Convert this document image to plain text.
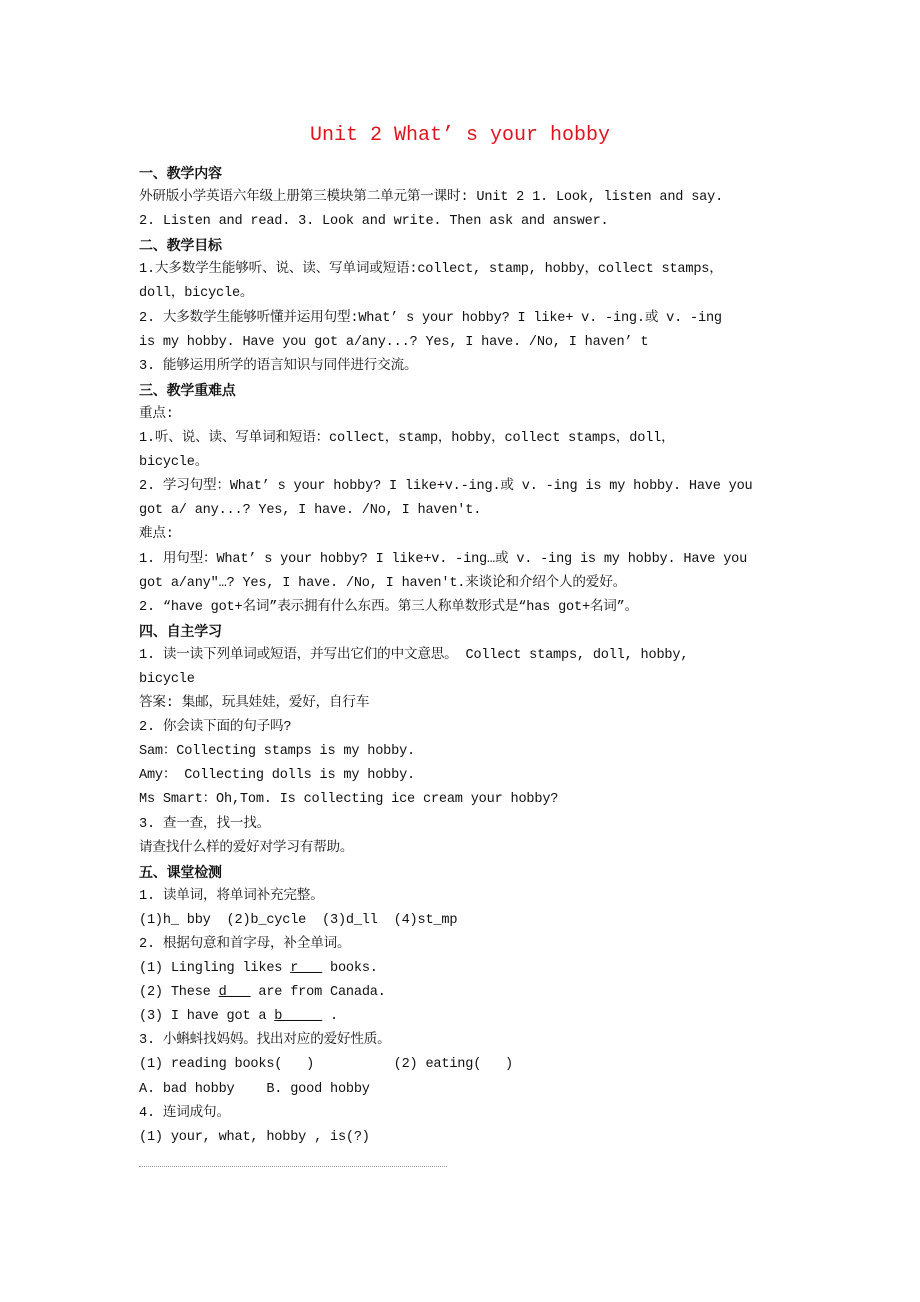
Unit 2 What’ s your hobby
一、教学内容
外研版小学英语六年级上册第三模块第二单元第一课时: Unit 2 1. Look, listen and say.
2. Listen and read. 3. Look and write. Then ask and answer.
二、教学目标
1.大多数学生能够听、说、读、写单词或短语:collect, stamp, hobby，collect stamps，
doll，bicycle。
2. 大多数学生能够听懂并运用句型:What’ s your hobby? I like+ v. -ing.或 v. -ing
is my hobby. Have you got a/any...? Yes, I have. /No, I haven’ t
3. 能够运用所学的语言知识与同伴进行交流。
三、教学重难点
重点:
1.听、说、读、写单词和短语：collect，stamp，hobby，collect stamps，doll，
bicycle。
2. 学习句型：What’ s your hobby? I like+v.-ing.或 v. -ing is my hobby. Have you
got a/ any...? Yes, I have. /No, I haven't.
难点:
1. 用句型：What’ s your hobby? I like+v. -ing…或 v. -ing is my hobby. Have you
got a/any"…? Yes, I have. /No, I haven't.来谈论和介绍个人的爱好。
2. “have got+名词”表示拥有什么东西。第三人称单数形式是“has got+名词”。
四、自主学习
1. 读一读下列单词或短语，并写出它们的中文意思。 Collect stamps, doll, hobby,
bicycle
答案: 集邮，玩具娃娃，爱好，自行车
2. 你会读下面的句子吗?
Sam：Collecting stamps is my hobby.
Amy： Collecting dolls is my hobby.
Ms Smart：Oh,Tom. Is collecting ice cream your hobby?
3. 查一查，找一找。
请查找什么样的爱好对学习有帮助。
五、课堂检测
1. 读单词，将单词补充完整。
(1)h_ bby  (2)b_cycle  (3)d_ll  (4)st_mp
2. 根据句意和首字母，补全单词。
(1) Lingling likes r___ books.
(2) These d___ are from Canada.
(3) I have got a b_____ .
3. 小蝌蚪找妈妈。找出对应的爱好性质。
(1) reading books(   )          (2) eating(   )
A. bad hobby    B. good hobby
4. 连词成句。
(1) your, what, hobby , is(?)
